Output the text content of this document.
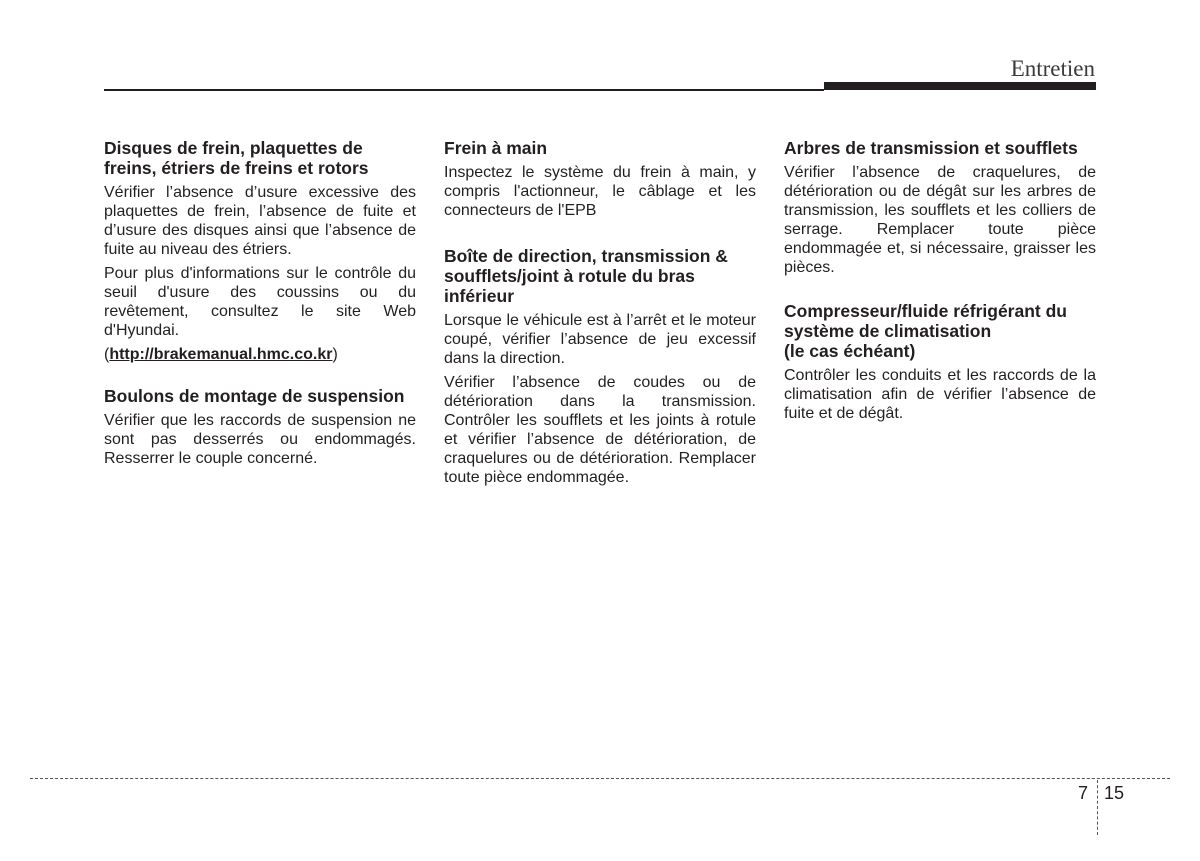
Entretien
Disques de frein, plaquettes de freins, étriers de freins et rotors

Vérifier l’absence d’usure excessive des plaquettes de frein, l’absence de fuite et d’usure des disques ainsi que l’absence de fuite au niveau des étriers.

Pour plus d'informations sur le contrôle du seuil d'usure des coussins ou du revêtement, consultez le site Web d'Hyundai.

(http://brakemanual.hmc.co.kr)

Boulons de montage de suspension

Vérifier que les raccords de suspension ne sont pas desserrés ou endommagés. Resserrer le couple concerné.

Frein à main

Inspectez le système du frein à main, y compris l'actionneur, le câblage et les connecteurs de l'EPB

Boîte de direction, transmission & soufflets/joint à rotule du bras inférieur

Lorsque le véhicule est à l’arrêt et le moteur coupé, vérifier l’absence de jeu excessif dans la direction.

Vérifier l’absence de coudes ou de détérioration dans la transmission. Contrôler les soufflets et les joints à rotule et vérifier l’absence de détérioration, de craquelures ou de détérioration. Remplacer toute pièce endommagée.

Arbres de transmission et soufflets

Vérifier l’absence de craquelures, de détérioration ou de dégât sur les arbres de transmission, les soufflets et les colliers de serrage. Remplacer toute pièce endommagée et, si nécessaire, graisser les pièces.

Compresseur/fluide réfrigérant du système de climatisation
(le cas échéant)

Contrôler les conduits et les raccords de la climatisation afin de vérifier l’absence de fuite et de dégât.

7 15
